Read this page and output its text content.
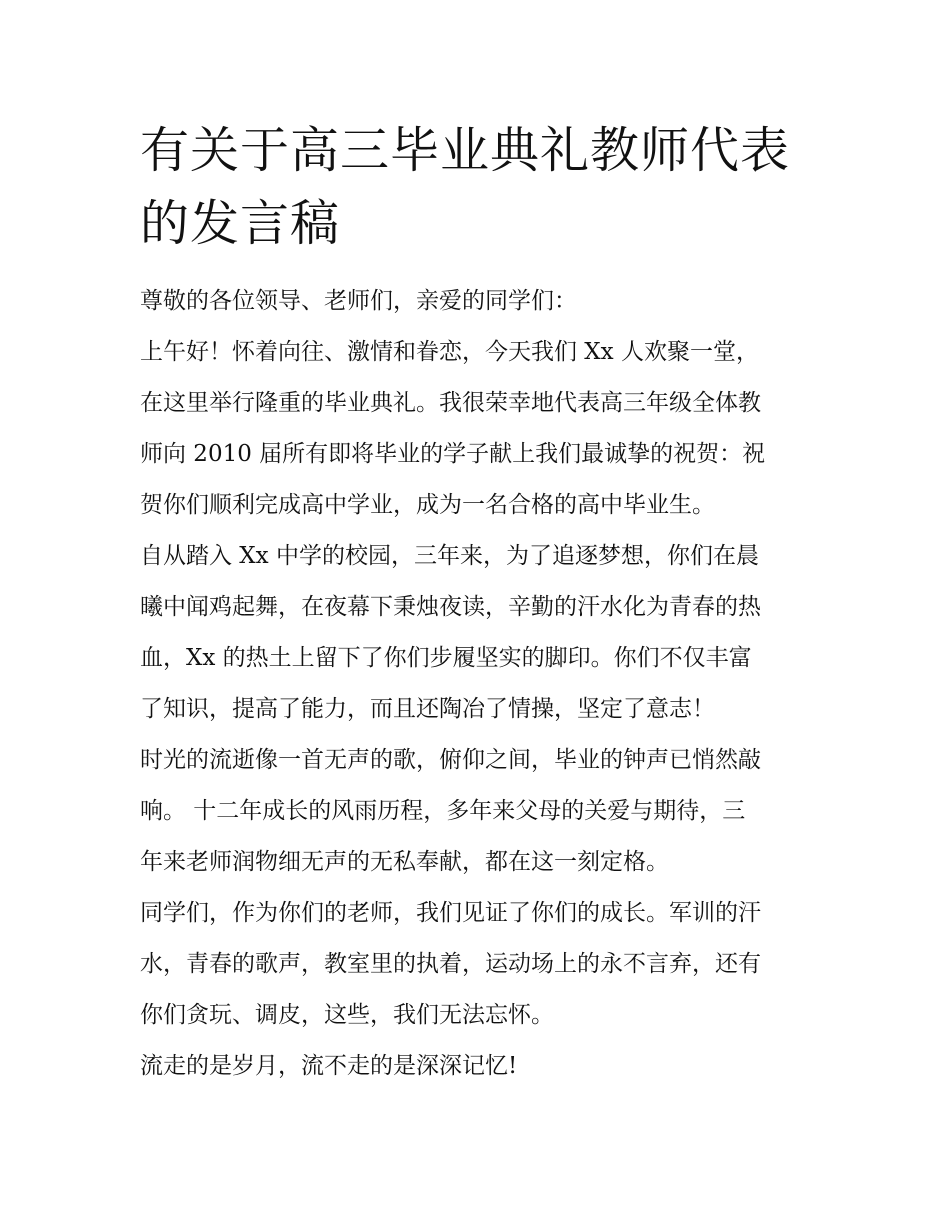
有关于高三毕业典礼教师代表
的发言稿
尊敬的各位领导、老师们，亲爱的同学们：
上午好！怀着向往、激情和眷恋，今天我们 Xx 人欢聚一堂，
在这里举行隆重的毕业典礼。我很荣幸地代表高三年级全体教
师向 2010 届所有即将毕业的学子献上我们最诚挚的祝贺：祝
贺你们顺利完成高中学业，成为一名合格的高中毕业生。
自从踏入 Xx 中学的校园，三年来，为了追逐梦想，你们在晨
曦中闻鸡起舞，在夜幕下秉烛夜读，辛勤的汗水化为青春的热
血，Xx 的热土上留下了你们步履坚实的脚印。你们不仅丰富
了知识，提高了能力，而且还陶冶了情操，坚定了意志！
时光的流逝像一首无声的歌，俯仰之间，毕业的钟声已悄然敲
响。 十二年成长的风雨历程，多年来父母的关爱与期待，三
年来老师润物细无声的无私奉献，都在这一刻定格。
同学们，作为你们的老师，我们见证了你们的成长。军训的汗
水，青春的歌声，教室里的执着，运动场上的永不言弃，还有
你们贪玩、调皮，这些，我们无法忘怀。
流走的是岁月，流不走的是深深记忆!
